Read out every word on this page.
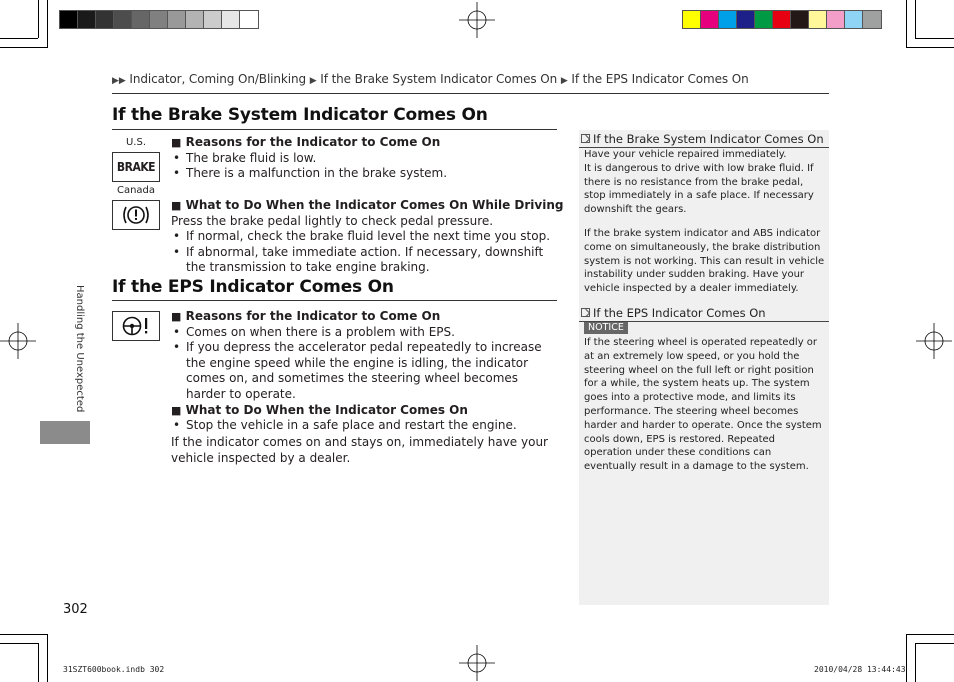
▶▶ Indicator, Coming On/Blinking ▶ If the Brake System Indicator Comes On ▶ If the EPS Indicator Comes On
If the Brake System Indicator Comes On
U.S.
BRAKE
Canada
■ Reasons for the Indicator to Come On
• The brake fluid is low.
• There is a malfunction in the brake system.
■ What to Do When the Indicator Comes On While Driving
Press the brake pedal lightly to check pedal pressure.
• If normal, check the brake fluid level the next time you stop.
• If abnormal, take immediate action. If necessary, downshift the transmission to take engine braking.
If the EPS Indicator Comes On
■ Reasons for the Indicator to Come On
• Comes on when there is a problem with EPS.
• If you depress the accelerator pedal repeatedly to increase the engine speed while the engine is idling, the indicator comes on, and sometimes the steering wheel becomes harder to operate.
■ What to Do When the Indicator Comes On
• Stop the vehicle in a safe place and restart the engine.
If the indicator comes on and stays on, immediately have your vehicle inspected by a dealer.
If the Brake System Indicator Comes On
Have your vehicle repaired immediately.
It is dangerous to drive with low brake fluid. If there is no resistance from the brake pedal, stop immediately in a safe place. If necessary downshift the gears.
If the brake system indicator and ABS indicator come on simultaneously, the brake distribution system is not working. This can result in vehicle instability under sudden braking. Have your vehicle inspected by a dealer immediately.
If the EPS Indicator Comes On
NOTICE
If the steering wheel is operated repeatedly or at an extremely low speed, or you hold the steering wheel on the full left or right position for a while, the system heats up. The system goes into a protective mode, and limits its performance. The steering wheel becomes harder and harder to operate. Once the system cools down, EPS is restored. Repeated operation under these conditions can eventually result in a damage to the system.
Handling the Unexpected
302
31SZT600book.indb 302	2010/04/28 13:44:43
